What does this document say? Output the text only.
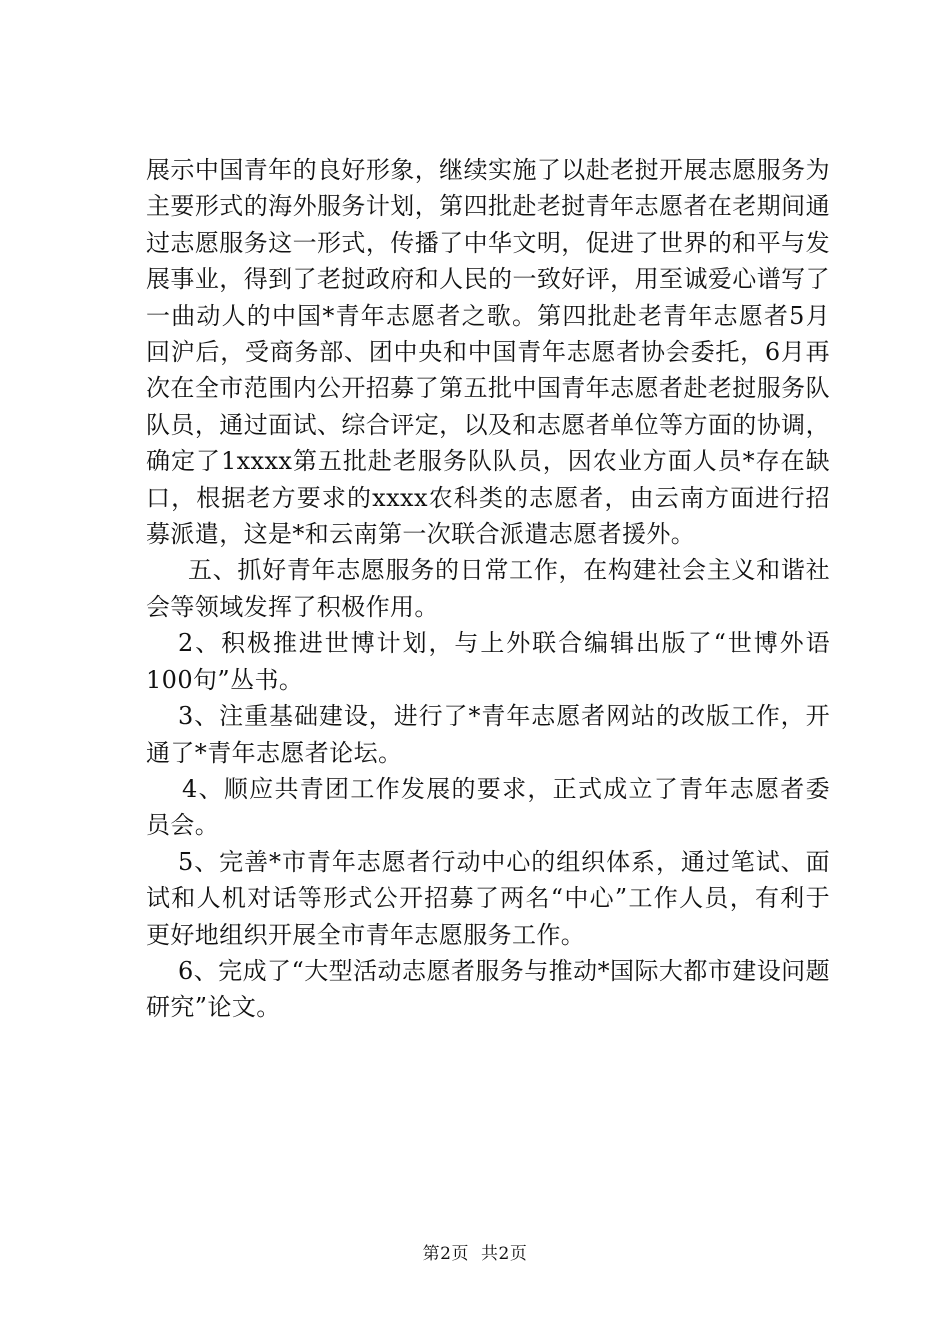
展示中国青年的良好形象，继续实施了以赴老挝开展志愿服务为主要形式的海外服务计划，第四批赴老挝青年志愿者在老期间通过志愿服务这一形式，传播了中华文明，促进了世界的和平与发展事业，得到了老挝政府和人民的一致好评，用至诚爱心谱写了一曲动人的中国*青年志愿者之歌。第四批赴老青年志愿者5月回沪后，受商务部、团中央和中国青年志愿者协会委托，6月再次在全市范围内公开招募了第五批中国青年志愿者赴老挝服务队队员，通过面试、综合评定，以及和志愿者单位等方面的协调，确定了1xxxx第五批赴老服务队队员，因农业方面人员*存在缺口，根据老方要求的xxxx农科类的志愿者，由云南方面进行招募派遣，这是*和云南第一次联合派遣志愿者援外。

五、抓好青年志愿服务的日常工作，在构建社会主义和谐社会等领域发挥了积极作用。

2、积极推进世博计划，与上外联合编辑出版了“世博外语100句”丛书。

3、注重基础建设，进行了*青年志愿者网站的改版工作，开通了*青年志愿者论坛。

4、顺应共青团工作发展的要求，正式成立了青年志愿者委员会。

5、完善*市青年志愿者行动中心的组织体系，通过笔试、面试和人机对话等形式公开招募了两名“中心”工作人员，有利于更好地组织开展全市青年志愿服务工作。

6、完成了“大型活动志愿者服务与推动*国际大都市建设问题研究”论文。

第2页 共2页
